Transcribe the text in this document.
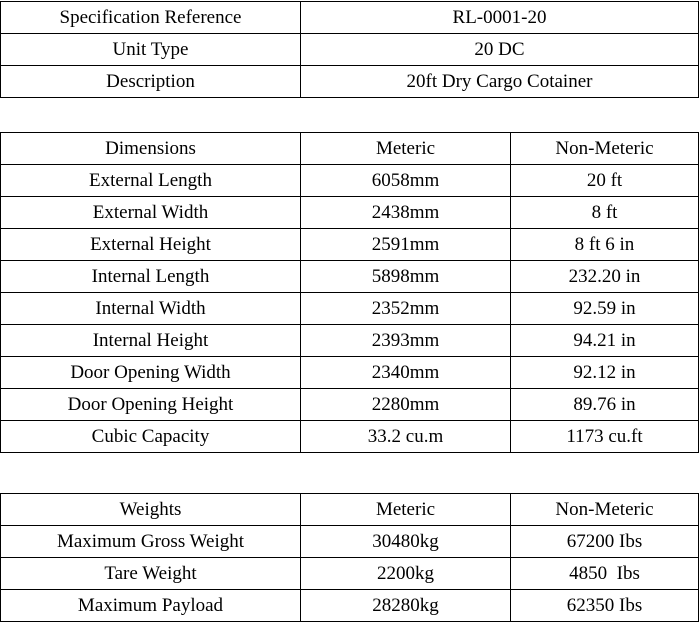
Specification Reference	RL-0001-20
Unit Type	20 DC
Description	20ft Dry Cargo Cotainer
Dimensions	Meteric	Non-Meteric
External Length	6058mm	20 ft
External Width	2438mm	8 ft
External Height	2591mm	8 ft 6 in
Internal Length	5898mm	232.20 in
Internal Width	2352mm	92.59 in
Internal Height	2393mm	94.21 in
Door Opening Width	2340mm	92.12 in
Door Opening Height	2280mm	89.76 in
Cubic Capacity	33.2 cu.m	1173 cu.ft
Weights	Meteric	Non-Meteric
Maximum Gross Weight	30480kg	67200 Ibs
Tare Weight	2200kg	4850  Ibs
Maximum Payload	28280kg	62350 Ibs
